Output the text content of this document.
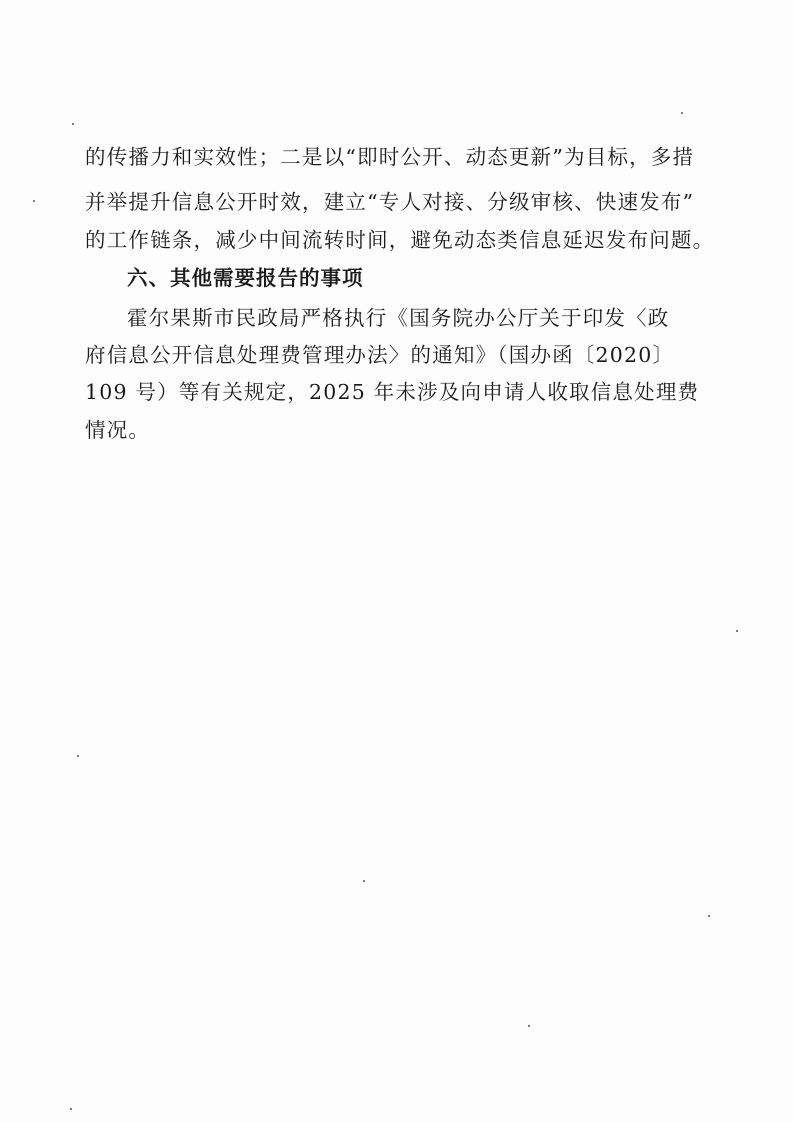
的传播力和实效性；二是以“即时公开、动态更新”为目标，多措
并举提升信息公开时效，建立“专人对接、分级审核、快速发布”
的工作链条，减少中间流转时间，避免动态类信息延迟发布问题。
六、其他需要报告的事项
霍尔果斯市民政局严格执行《国务院办公厅关于印发〈政
府信息公开信息处理费管理办法〉的通知》（国办函〔2020〕
109 号）等有关规定，2025 年未涉及向申请人收取信息处理费
情况。
